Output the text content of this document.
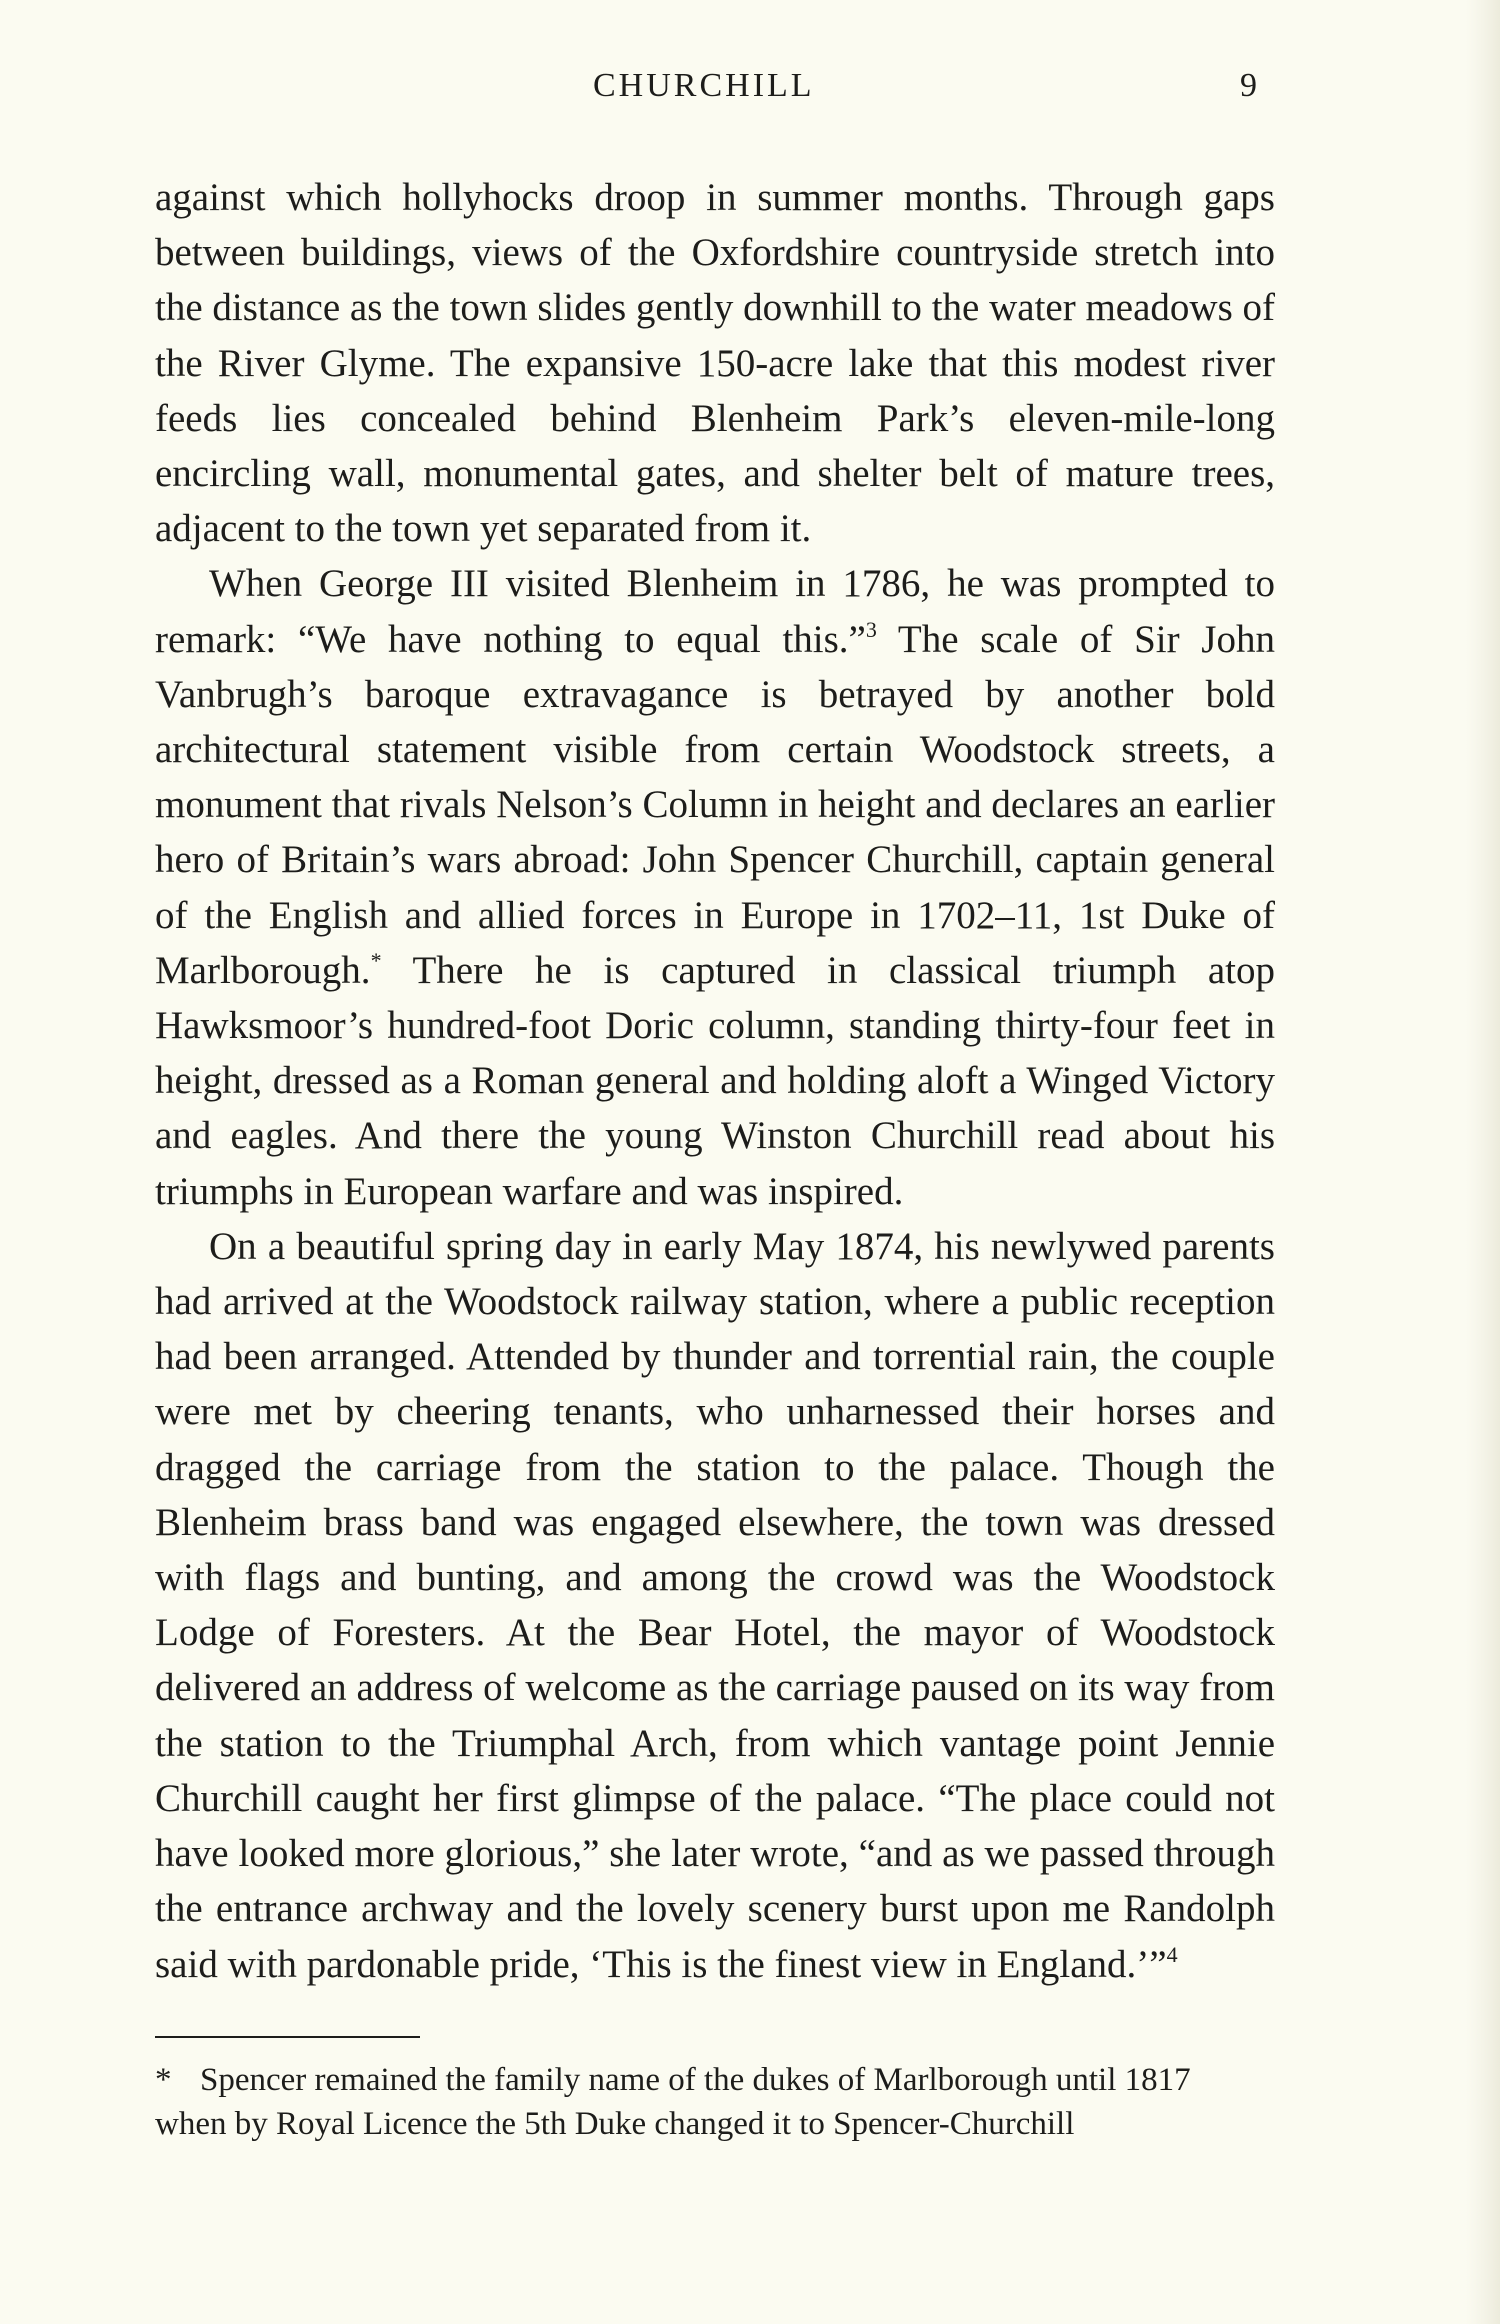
CHURCHILL	9

against which hollyhocks droop in summer months. Through gaps between buildings, views of the Oxfordshire countryside stretch into the distance as the town slides gently downhill to the water meadows of the River Glyme. The expansive 150-acre lake that this modest river feeds lies concealed behind Blenheim Park’s eleven-mile-long encircling wall, monumental gates, and shelter belt of mature trees, adjacent to the town yet separated from it.

When George III visited Blenheim in 1786, he was prompted to remark: “We have nothing to equal this.”$^3$ The scale of Sir John Vanbrugh’s baroque extravagance is betrayed by another bold architectural statement visible from certain Woodstock streets, a monument that rivals Nelson’s Column in height and declares an earlier hero of Britain’s wars abroad: John Spencer Churchill, captain general of the English and allied forces in Europe in 1702–11, 1st Duke of Marlborough.* There he is captured in classical triumph atop Hawksmoor’s hundred-foot Doric column, standing thirty-four feet in height, dressed as a Roman general and holding aloft a Winged Victory and eagles. And there the young Winston Churchill read about his triumphs in European warfare and was inspired.

On a beautiful spring day in early May 1874, his newlywed parents had arrived at the Woodstock railway station, where a public reception had been arranged. Attended by thunder and torrential rain, the couple were met by cheering tenants, who unharnessed their horses and dragged the carriage from the station to the palace. Though the Blenheim brass band was engaged elsewhere, the town was dressed with flags and bunting, and among the crowd was the Woodstock Lodge of Foresters. At the Bear Hotel, the mayor of Woodstock delivered an address of welcome as the carriage paused on its way from the station to the Triumphal Arch, from which vantage point Jennie Churchill caught her first glimpse of the palace. “The place could not have looked more glorious,” she later wrote, “and as we passed through the entrance archway and the lovely scenery burst upon me Randolph said with pardonable pride, ‘This is the finest view in England.’”$^4$

* Spencer remained the family name of the dukes of Marlborough until 1817
when by Royal Licence the 5th Duke changed it to Spencer-Churchill
